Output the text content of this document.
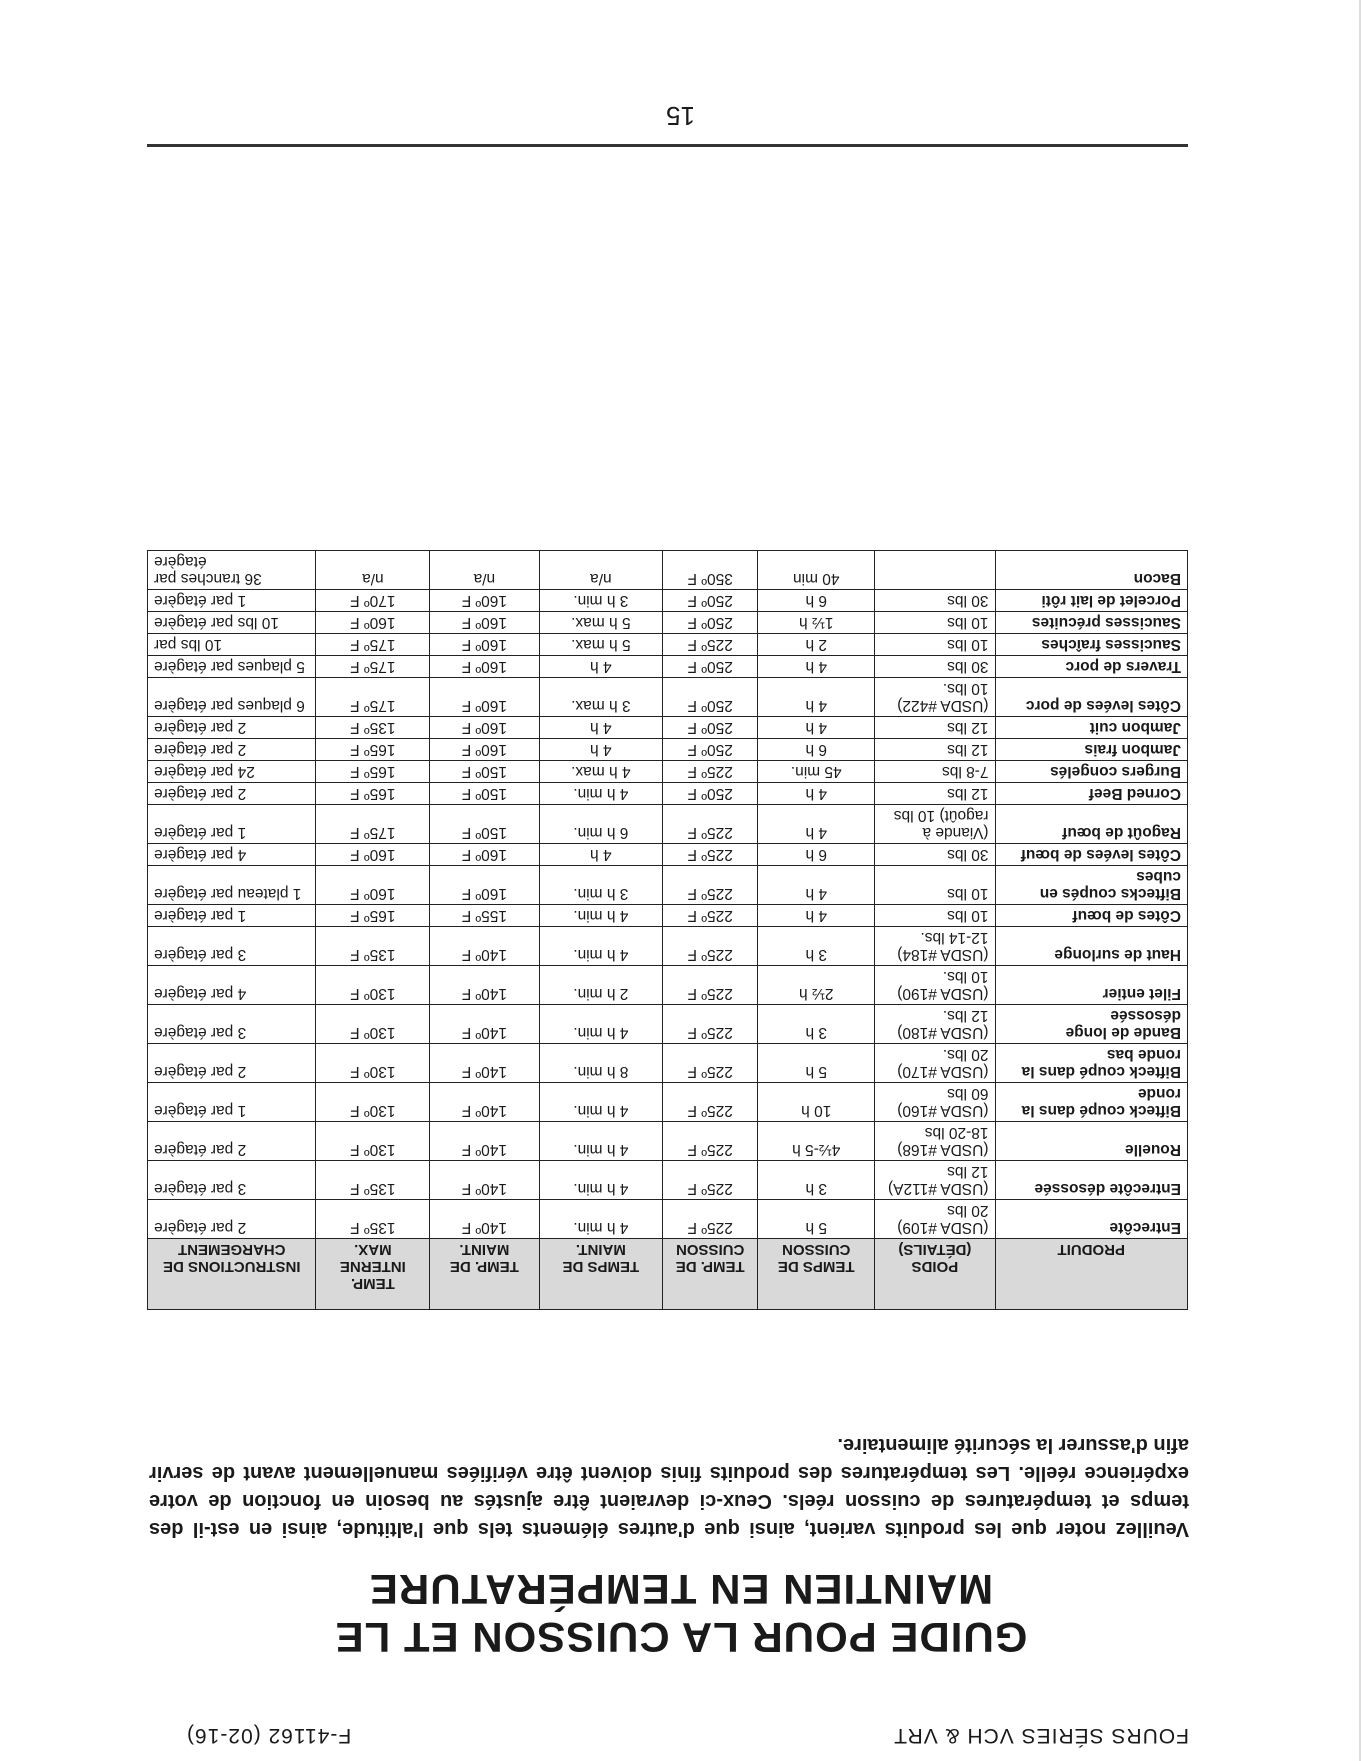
FOURS SÉRIES VCH & VRT
F-41162 (02-16)
GUIDE POUR LA CUISSON ET LE MAINTIEN EN TEMPÉRATURE
Veuillez noter que les produits varient, ainsi que d'autres éléments tels que l'altitude, ainsi en est-il des temps et températures de cuisson réels. Ceux-ci devraient être ajustés au besoin en fonction de votre expérience réelle. Les températures des produits finis doivent être vérifiées manuellement avant de servir afin d'assurer la sécurité alimentaire.
PRODUIT	POIDS (DÉTAILS)	TEMPS DE CUISSON	TEMP. DE CUISSON	TEMPS DE MAINT.	TEMP. DE MAINT.	TEMP. INTERNE MAX.	INSTRUCTIONS DE CHARGEMENT
Entrecôte	(USDA #109) 20 lbs	5 h	225º F	4 h min.	140º F	135º F	2 par étagère
Entrecôte désossée	(USDA #112A) 12 lbs	3 h	225º F	4 h min.	140º F	135º F	3 par étagère
Rouelle	(USDA #168) 18-20 lbs	4½-5 h	225º F	4 h min.	140º F	130º F	2 par étagère
Bifteck coupé dans la ronde	(USDA #160) 60 lbs	10 h	225º F	4 h min.	140º F	130º F	1 par étagère
Bifteck coupé dans la ronde bas	(USDA #170) 20 lbs.	5 h	225º F	8 h min.	140º F	130º F	2 par étagère
Bande de longe désossée	(USDA #180) 12 lbs.	3 h	225º F	4 h min.	140º F	130º F	3 par étagère
Filet entier	(USDA #190) 10 lbs.	2½ h	225º F	2 h min.	140º F	130º F	4 par étagère
Haut de surlonge	(USDA #184) 12-14 lbs.	3 h	225º F	4 h min.	140º F	135º F	3 par étagère
Côtes de bœuf	10 lbs	4 h	225º F	4 h min.	155º F	165º F	1 par étagère
Biftecks coupés en cubes	10 lbs	4 h	225º F	3 h min.	160º F	160º F	1 plateau par étagère
Côtes levées de bœuf	30 lbs	6 h	225º F	4 h	160º F	160º F	4 par étagère
Ragoût de bœuf	(Viande à ragoût) 10 lbs	4 h	225º F	6 h min.	150º F	175º F	1 par étagère
Corned Beef	12 lbs	4 h	250º F	4 h min.	150º F	165º F	2 par étagère
Burgers congelés	7-8 lbs	45 min.	225º F	4 h max.	150º F	165º F	24 par étagère
Jambon frais	12 lbs	6 h	250º F	4 h	160º F	165º F	2 par étagère
Jambon cuit	12 lbs	4 h	250º F	4 h	160º F	135º F	2 par étagère
Côtes levées de porc	(USDA #422) 10 lbs.	4 h	250º F	3 h max.	160º F	175º F	6 plaques par étagère
Travers de porc	30 lbs	4 h	250º F	4 h	160º F	175º F	5 plaques par étagère
Saucisses fraîches	10 lbs	2 h	225º F	5 h max.	160º F	175º F	10 lbs par
Saucisses précuites	10 lbs	1½ h	250º F	5 h max.	160º F	160º F	10 lbs par étagère
Porcelet de lait rôti	30 lbs	6 h	250º F	3 h min.	160º F	170º F	1 par étagère
Bacon		40 min	350º F	n/a	n/a	n/a	36 tranches par étagère
15
